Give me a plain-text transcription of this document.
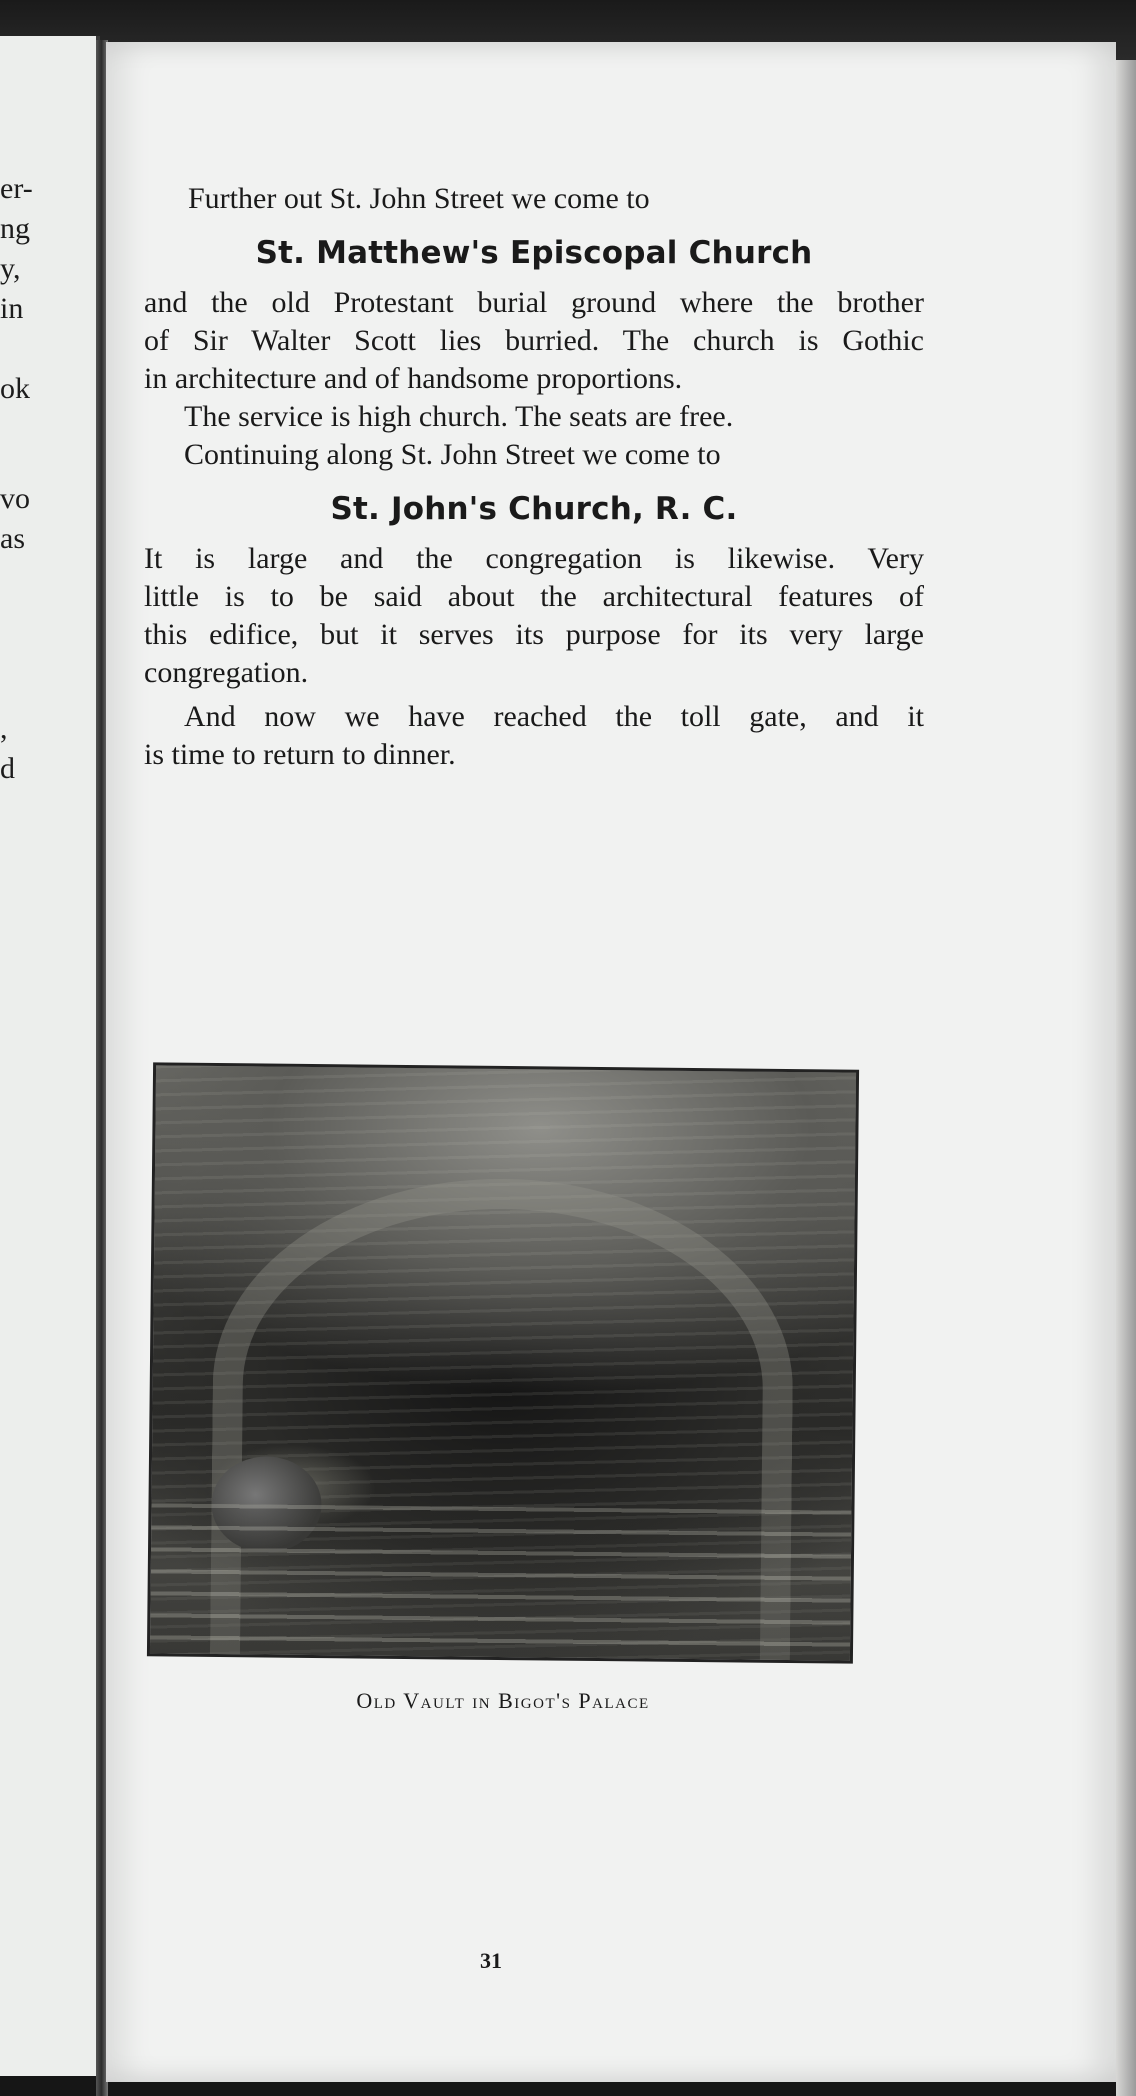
er-
ng
y,
in
ok
vo
as
,
d
Further out St. John Street we come to
St. Matthew's Episcopal Church
and the old Protestant burial ground where the brother
of Sir Walter Scott lies burried. The church is Gothic
in architecture and of handsome proportions.
The service is high church. The seats are free.
Continuing along St. John Street we come to
St. John's Church, R. C.
It is large and the congregation is likewise. Very
little is to be said about the architectural features of
this edifice, but it serves its purpose for its very large
congregation.
And now we have reached the toll gate, and it
is time to return to dinner.
Old Vault in Bigot's Palace
31
